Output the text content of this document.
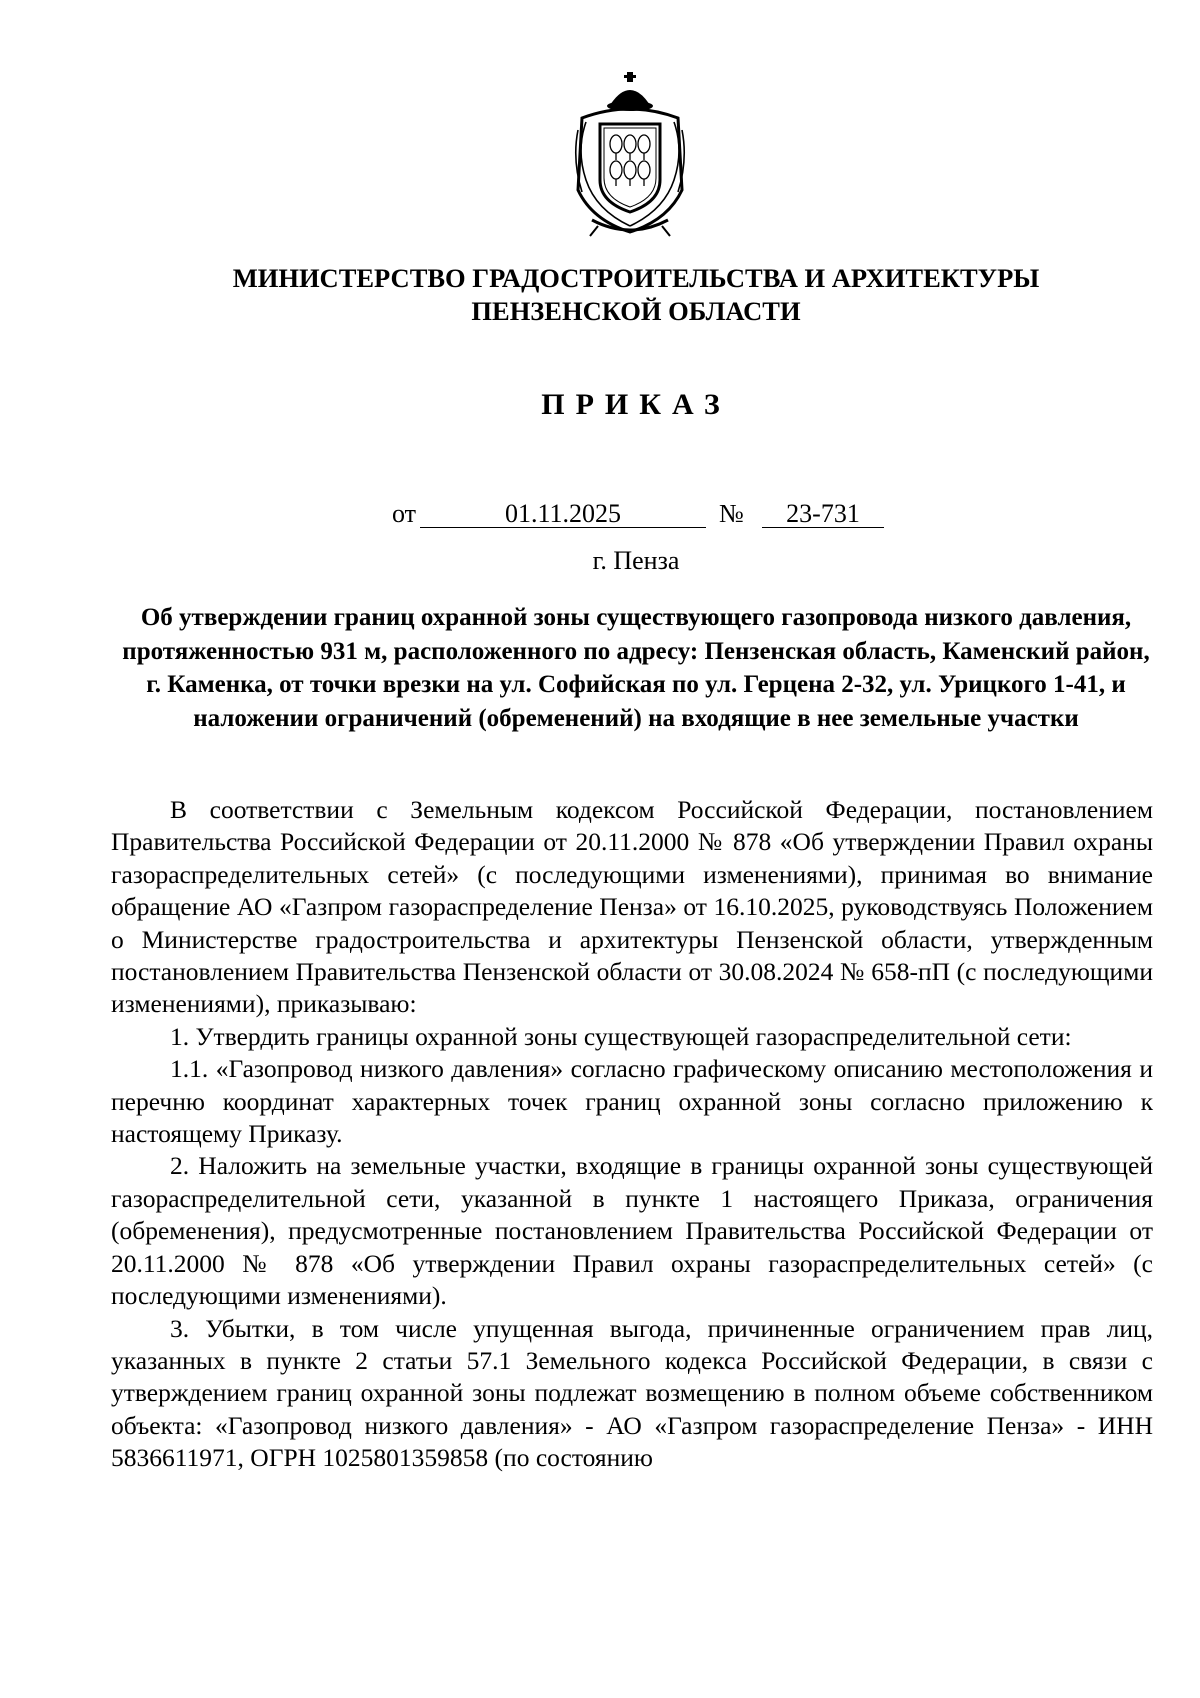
МИНИСТЕРСТВО ГРАДОСТРОИТЕЛЬСТВА И АРХИТЕКТУРЫ
ПЕНЗЕНСКОЙ ОБЛАСТИ
ПРИКАЗ
от	01.11.2025	№	23-731
г. Пенза
Об утверждении границ охранной зоны существующего газопровода низкого давления, протяженностью 931 м, расположенного по адресу: Пензенская область, Каменский район, г. Каменка, от точки врезки на ул. Софийская по ул. Герцена 2-32, ул. Урицкого 1-41, и наложении ограничений (обременений) на входящие в нее земельные участки

В соответствии с Земельным кодексом Российской Федерации, постановлением Правительства Российской Федерации от 20.11.2000 № 878 «Об утверждении Правил охраны газораспределительных сетей» (с последующими изменениями), принимая во внимание обращение АО «Газпром газораспределение Пенза» от 16.10.2025, руководствуясь Положением о Министерстве градостроительства и архитектуры Пензенской области, утвержденным постановлением Правительства Пензенской области от 30.08.2024 № 658-пП (с последующими изменениями), приказываю:

1. Утвердить границы охранной зоны существующей газораспределительной сети:

1.1. «Газопровод низкого давления» согласно графическому описанию местоположения и перечню координат характерных точек границ охранной зоны согласно приложению к настоящему Приказу.

2. Наложить на земельные участки, входящие в границы охранной зоны существующей газораспределительной сети, указанной в пункте 1 настоящего Приказа, ограничения (обременения), предусмотренные постановлением Правительства Российской Федерации от 20.11.2000 № 878 «Об утверждении Правил охраны газораспределительных сетей» (с последующими изменениями).

3. Убытки, в том числе упущенная выгода, причиненные ограничением прав лиц, указанных в пункте 2 статьи 57.1 Земельного кодекса Российской Федерации, в связи с утверждением границ охранной зоны подлежат возмещению в полном объеме собственником объекта: «Газопровод низкого давления» - АО «Газпром газораспределение Пенза» - ИНН 5836611971, ОГРН 1025801359858 (по состоянию
